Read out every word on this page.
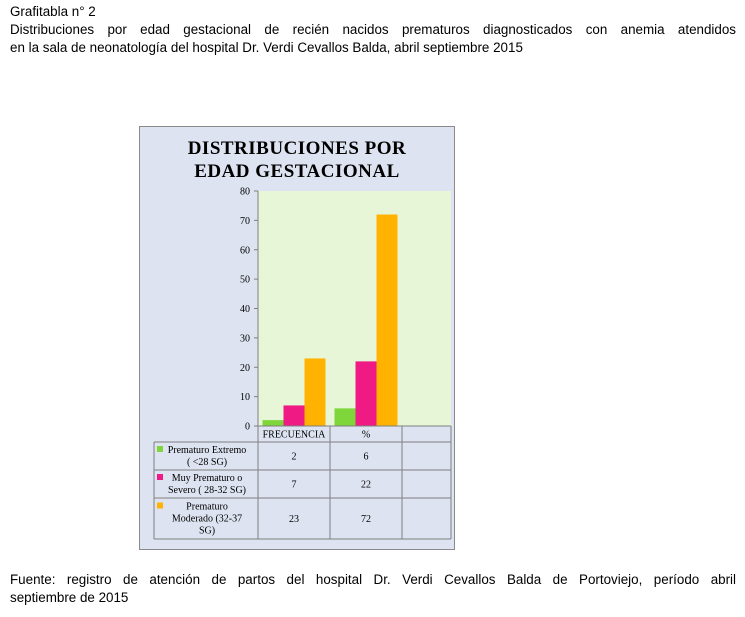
Grafitabla n° 2
Distribuciones por edad gestacional de recién nacidos prematuros diagnosticados con anemia atendidos
en la sala de neonatología del hospital Dr. Verdi Cevallos Balda, abril septiembre 2015
DISTRIBUCIONES POR
EDAD GESTACIONAL
0
10
20
30
40
50
60
70
80
FRECUENCIA	%
Prematuro Extremo
( <28 SG)	2	6
Muy Prematuro o
Severo ( 28-32 SG)	7	22
Prematuro
Moderado (32-37
SG)
23	72
Fuente: registro de atención de partos del hospital Dr. Verdi Cevallos Balda de Portoviejo, período abril
septiembre de 2015
